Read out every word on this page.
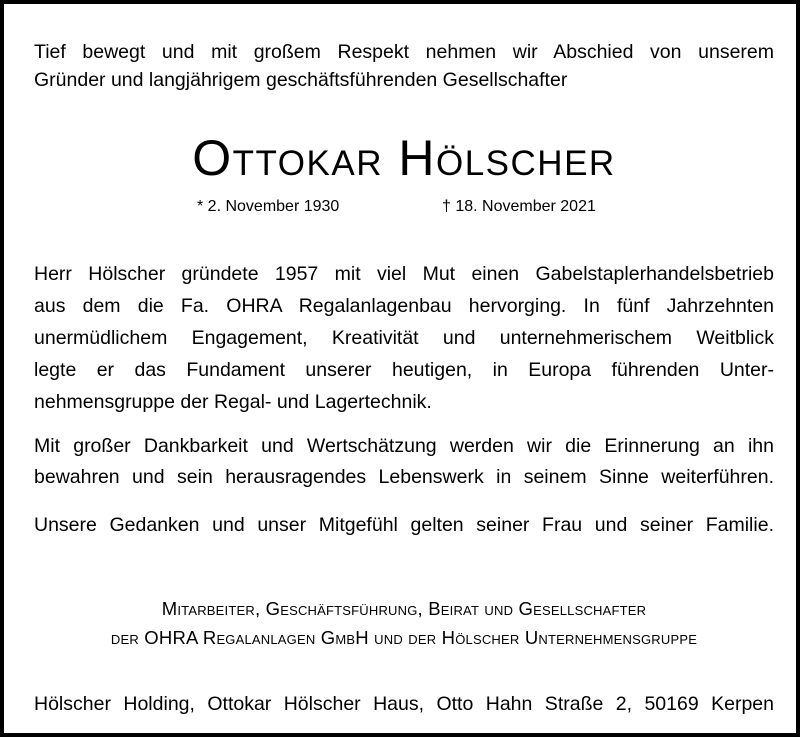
Tief bewegt und mit großem Respekt nehmen wir Abschied von unserem
Gründer und langjährigem geschäftsführenden Gesellschafter
Ottokar Hölscher
* 2. November 1930	† 18. November 2021
Herr Hölscher gründete 1957 mit viel Mut einen Gabelstaplerhandelsbetrieb
aus dem die Fa. OHRA Regalanlagenbau hervorging. In fünf Jahrzehnten
unermüdlichem Engagement, Kreativität und unternehmerischem Weitblick
legte er das Fundament unserer heutigen, in Europa führenden Unter-
nehmensgruppe der Regal- und Lagertechnik.
Mit großer Dankbarkeit und Wertschätzung werden wir die Erinnerung an ihn
bewahren und sein herausragendes Lebenswerk in seinem Sinne weiterführen.
Unsere Gedanken und unser Mitgefühl gelten seiner Frau und seiner Familie.
Mitarbeiter, Geschäftsführung, Beirat und Gesellschafter
der OHRA Regalanlagen GmbH und der Hölscher Unternehmensgruppe
Hölscher Holding, Ottokar Hölscher Haus, Otto Hahn Straße 2, 50169 Kerpen
